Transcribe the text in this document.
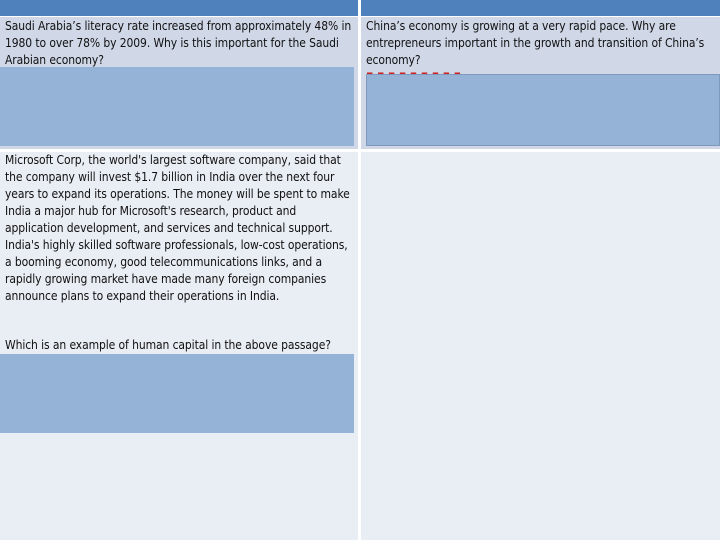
Saudi Arabia’s literacy rate increased from approximately 48% in 1980 to over 78% by 2009. Why is this important for the Saudi Arabian economy?

China’s economy is growing at a very rapid pace. Why are entrepreneurs important in the growth and transition of China’s economy?

Microsoft Corp, the world's largest software company, said that the company will invest $1.7 billion in India over the next four years to expand its operations. The money will be spent to make India a major hub for Microsoft's research, product and application development, and services and technical support. India's highly skilled software professionals, low-cost operations, a booming economy, good telecommunications links, and a rapidly growing market have made many foreign companies announce plans to expand their operations in India.

Which is an example of human capital in the above passage?
